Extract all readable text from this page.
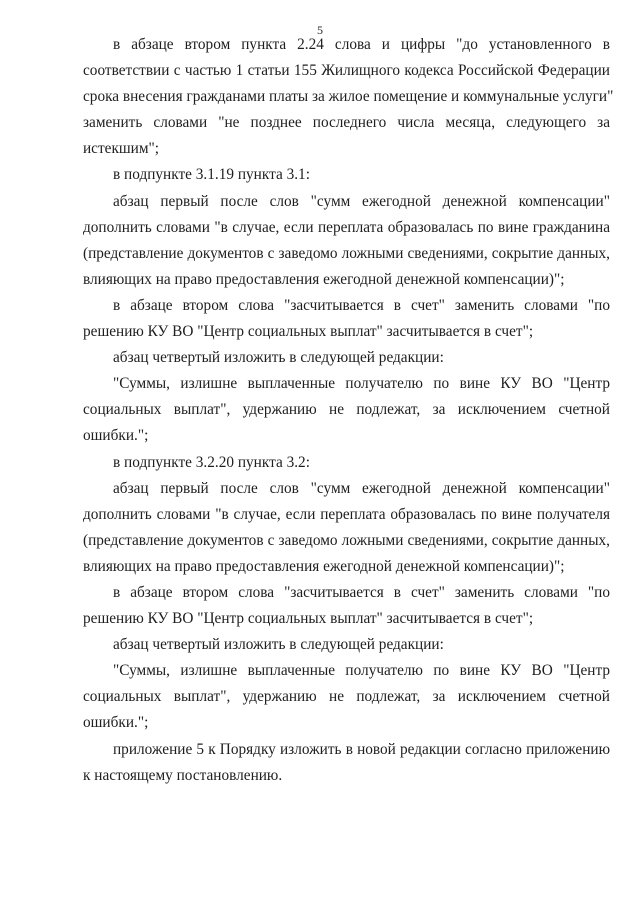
5
в абзаце втором пункта 2.24 слова и цифры "до установленного в
соответствии с частью 1 статьи 155 Жилищного кодекса Российской Федерации
срока внесения гражданами платы за жилое помещение и коммунальные услуги"
заменить словами "не позднее последнего числа месяца, следующего за
истекшим";
в подпункте 3.1.19 пункта 3.1:
абзац первый после слов "сумм ежегодной денежной компенсации"
дополнить словами "в случае, если переплата образовалась по вине гражданина
(представление документов с заведомо ложными сведениями, сокрытие данных,
влияющих на право предоставления ежегодной денежной компенсации)";
в абзаце втором слова "засчитывается в счет" заменить словами "по
решению КУ ВО "Центр социальных выплат" засчитывается в счет";
абзац четвертый изложить в следующей редакции:
"Суммы, излишне выплаченные получателю по вине КУ ВО "Центр
социальных выплат", удержанию не подлежат, за исключением счетной
ошибки.";
в подпункте 3.2.20 пункта 3.2:
абзац первый после слов "сумм ежегодной денежной компенсации"
дополнить словами "в случае, если переплата образовалась по вине получателя
(представление документов с заведомо ложными сведениями, сокрытие данных,
влияющих на право предоставления ежегодной денежной компенсации)";
в абзаце втором слова "засчитывается в счет" заменить словами "по
решению КУ ВО "Центр социальных выплат" засчитывается в счет";
абзац четвертый изложить в следующей редакции:
"Суммы, излишне выплаченные получателю по вине КУ ВО "Центр
социальных выплат", удержанию не подлежат, за исключением счетной
ошибки.";
приложение 5 к Порядку изложить в новой редакции согласно приложению
к настоящему постановлению.
